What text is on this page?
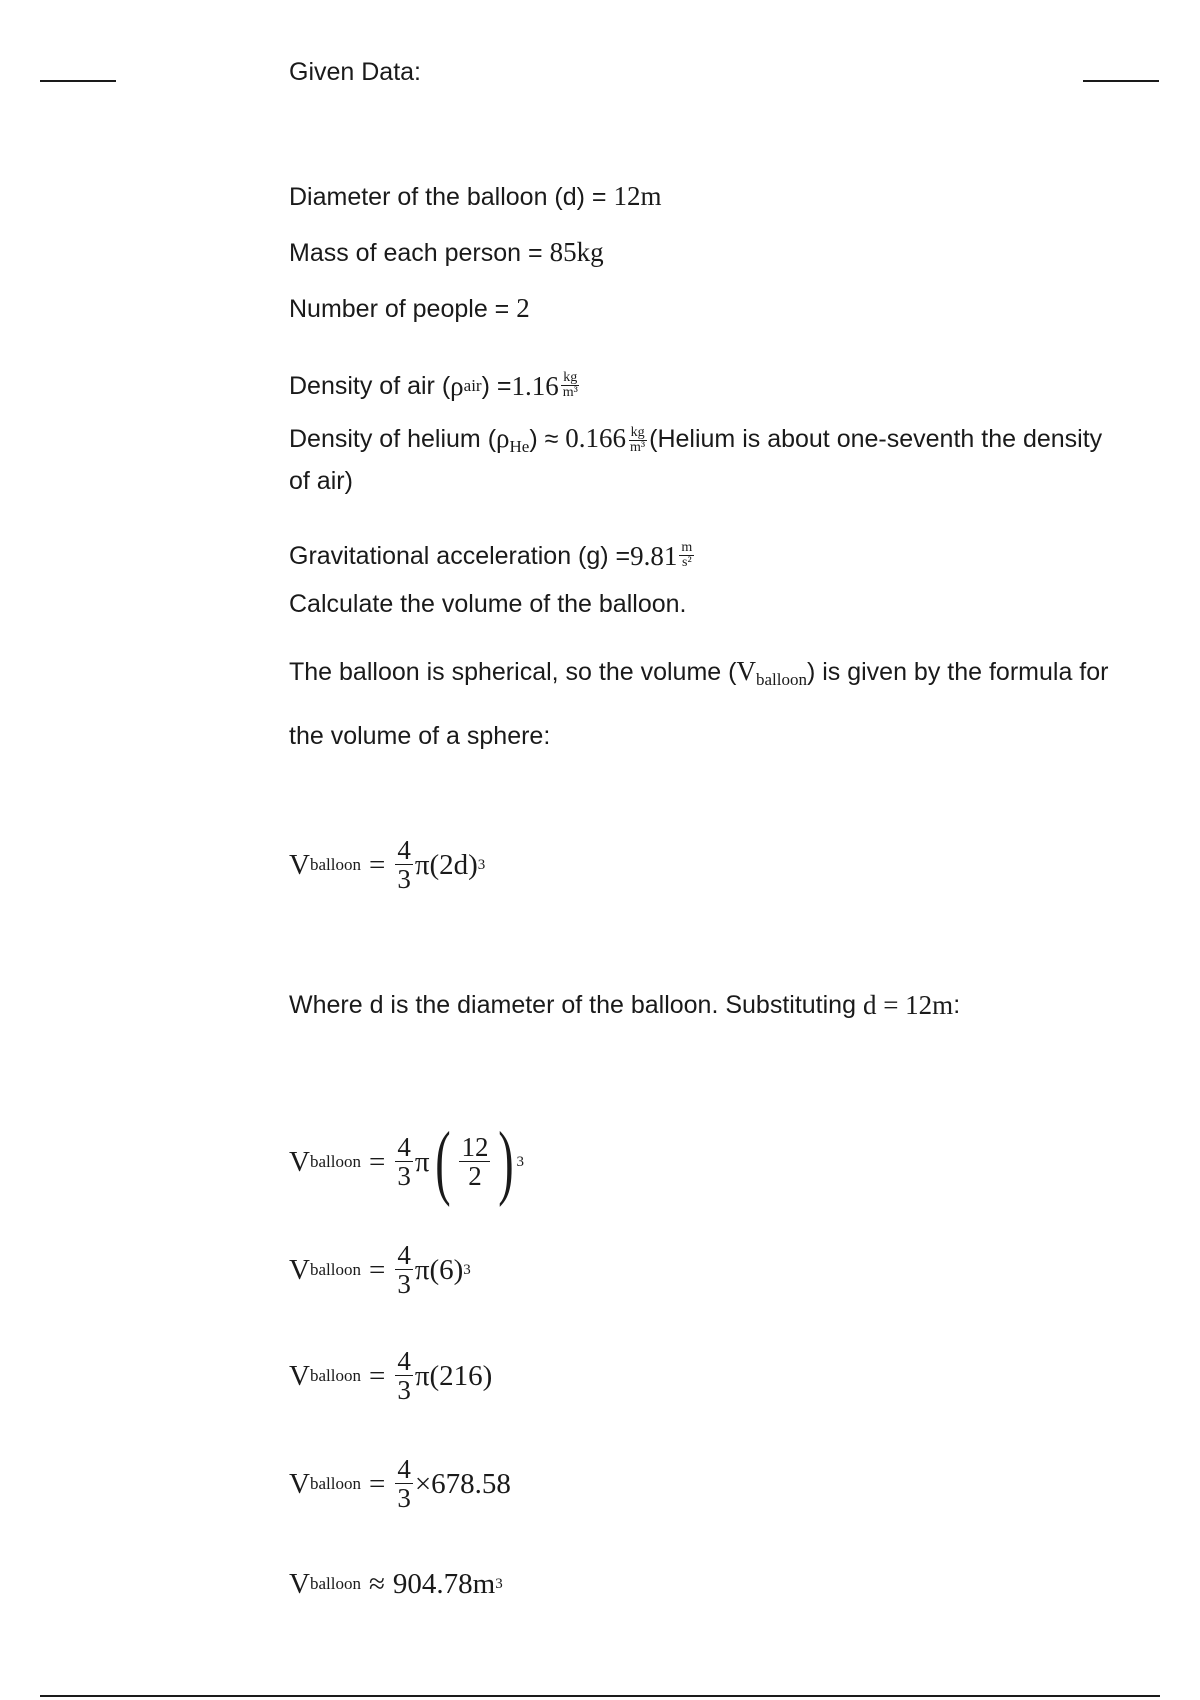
Given Data:
Diameter of the balloon (d) = 12m
Mass of each person = 85kg
Number of people = 2
Density of air ( ρ air ) = $1.16 \frac{kg}{\text{m³}}$
Density of helium $(\rho_{He}) \approx 0.166 \frac{kg}{\text{m³}}$ (Helium is about one-seventh the density of air)
Gravitational acceleration $(g) = 9.81 \frac{m}{\text{s²}}$
Calculate the volume of the balloon.
The balloon is spherical, so the volume $(V_{balloon})$ is given by the formula for the volume of a sphere:
V balloon = $\frac{4}{3} \pi(2d)$ 3
Where d is the diameter of the balloon. Substituting
d = 12m :
V balloon = $\frac{4}{3}$ π ( $\frac{12}{2}$ ) 3
V balloon = $\frac{4}{3} \pi(6)$ 3
V balloon = $\frac{4}{3} \pi(216)$
V balloon = $\frac{4}{3} \times 678.58$
V balloon ≈ 904.78m 3
